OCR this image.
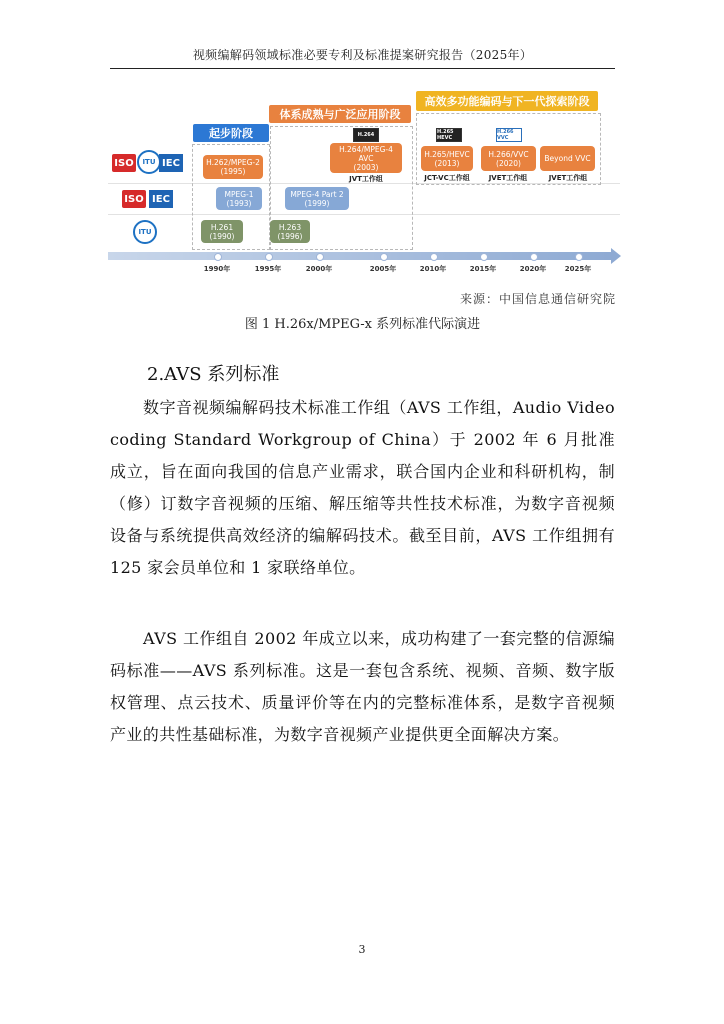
视频编解码领域标准必要专利及标准提案研究报告（2025年）
ISO	ITU IEC
ISO IEC
ITU
起步阶段
体系成熟与广泛应用阶段
高效多功能编码与下一代探索阶段
H.262/MPEG-2
(1995)
H.264
H.264/MPEG-4
AVC
(2003)
JVT工作组
H.265 HEVC
H.265/HEVC
(2013)
JCT-VC工作组
H.266 VVC
H.266/VVC
(2020)
JVET工作组
Beyond VVC
JVET工作组
MPEG-1
(1993)
MPEG-4 Part 2
(1999)
H.261
(1990)
H.263
(1996)
1990年	1995年	2000年	2005年	2010年	2015年	2020年	2025年
来源：中国信息通信研究院
图 1 H.26x/MPEG-x 系列标准代际演进
2.AVS 系列标准

数字音视频编解码技术标准工作组（AVS 工作组，Audio Video coding Standard Workgroup of China）于 2002 年 6 月批准成立，旨在面向我国的信息产业需求，联合国内企业和科研机构，制（修）订数字音视频的压缩、解压缩等共性技术标准，为数字音视频设备与系统提供高效经济的编解码技术。截至目前，AVS 工作组拥有 125 家会员单位和 1 家联络单位。

AVS 工作组自 2002 年成立以来，成功构建了一套完整的信源编码标准——AVS 系列标准。这是一套包含系统、视频、音频、数字版权管理、点云技术、质量评价等在内的完整标准体系，是数字音视频产业的共性基础标准，为数字音视频产业提供更全面解决方案。

3
